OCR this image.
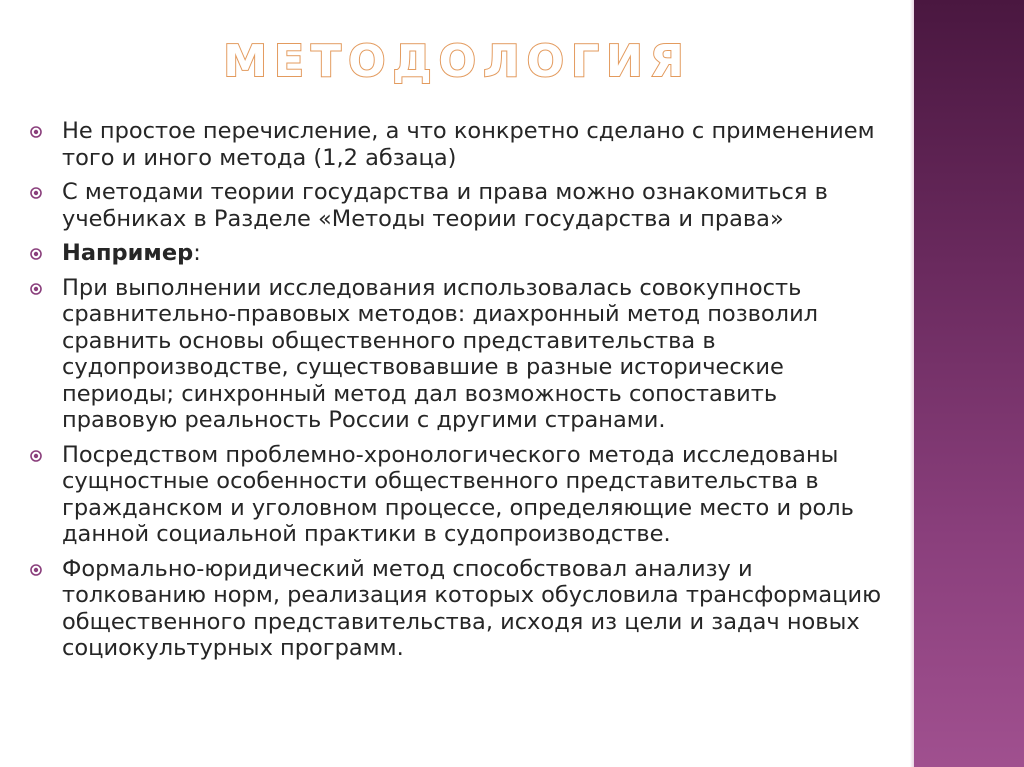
МЕТОДОЛОГИЯ
Не простое перечисление, а что конкретно сделано с применением того и иного метода (1,2 абзаца)
С методами теории государства и права можно ознакомиться в учебниках в Разделе «Методы теории государства и права»
Например:
При выполнении исследования использовалась совокупность сравнительно-правовых методов: диахронный метод позволил сравнить основы общественного представительства в судопроизводстве, существовавшие в разные исторические периоды; синхронный метод дал возможность сопоставить правовую реальность России с другими странами.
Посредством проблемно-хронологического метода исследованы сущностные особенности общественного представительства в гражданском и уголовном процессе, определяющие место и роль данной социальной практики в судопроизводстве.
Формально-юридический метод способствовал анализу и толкованию норм, реализация которых обусловила трансформацию общественного представительства, исходя из цели и задач новых социокультурных программ.
